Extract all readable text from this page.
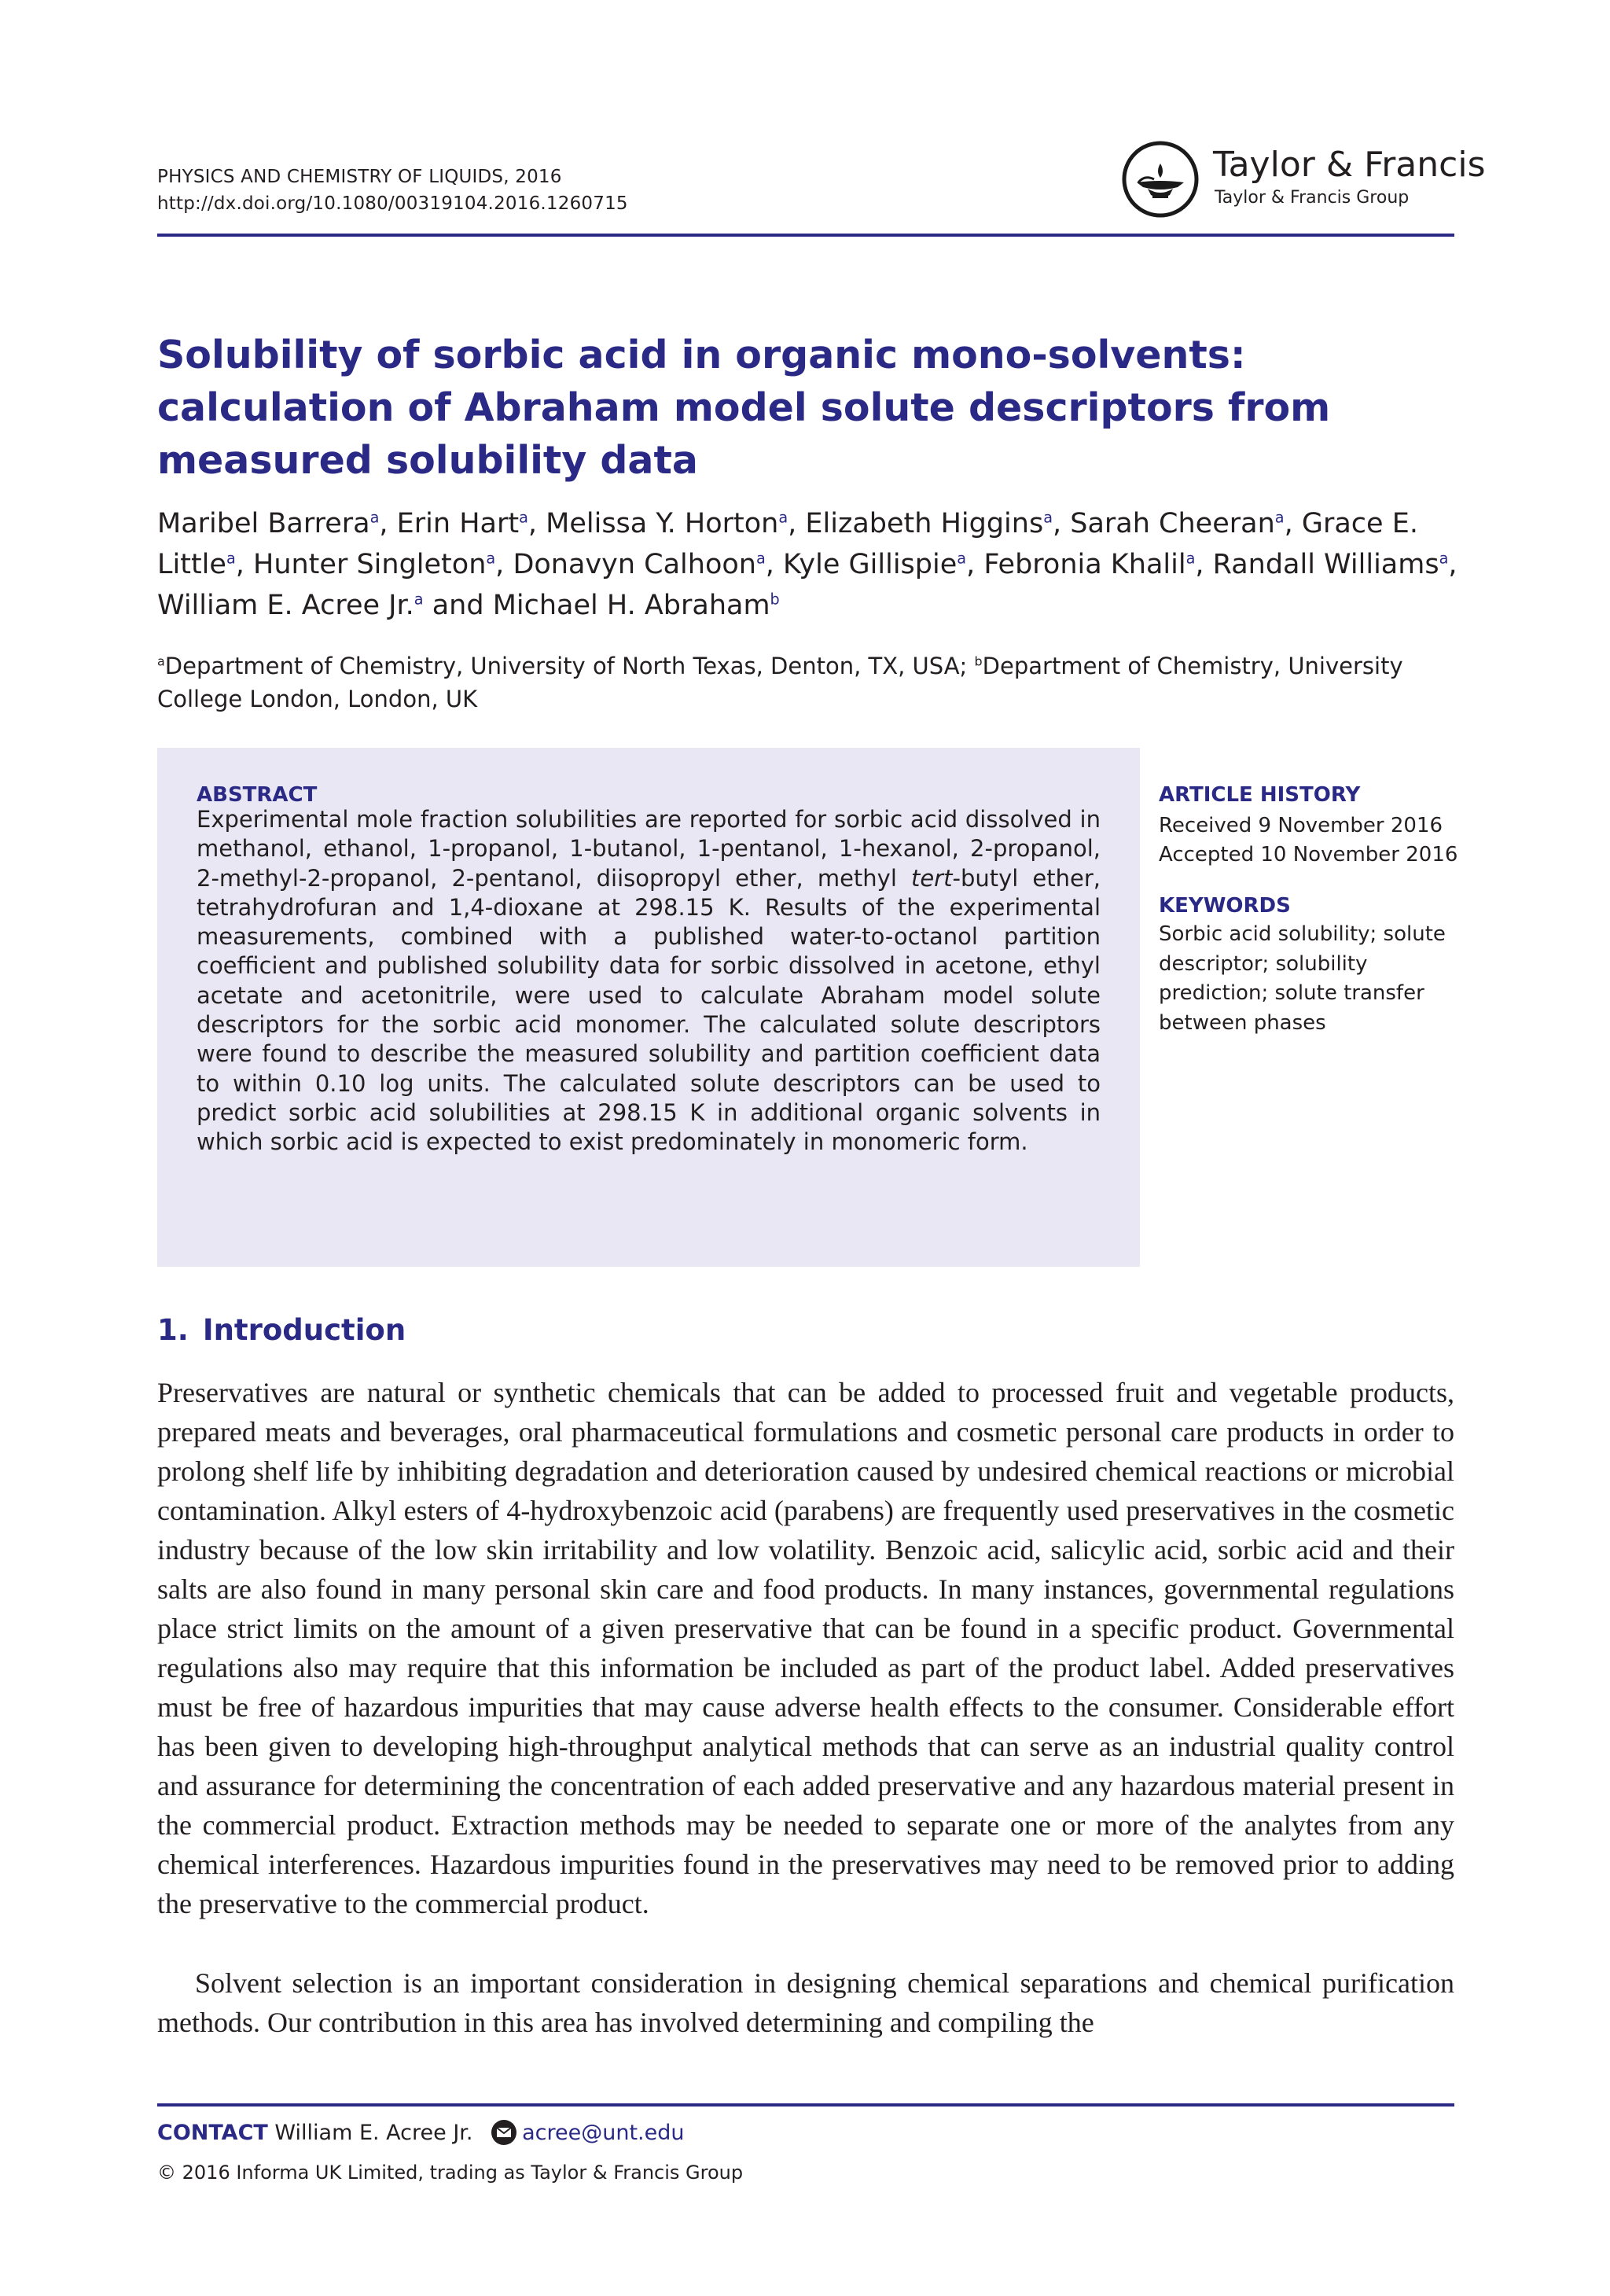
PHYSICS AND CHEMISTRY OF LIQUIDS, 2016
http://dx.doi.org/10.1080/00319104.2016.1260715
Taylor & Francis
Taylor & Francis Group
Solubility of sorbic acid in organic mono-solvents: calculation of Abraham model solute descriptors from measured solubility data
Maribel Barrera$^a$, Erin Hart$^a$, Melissa Y. Horton$^a$, Elizabeth Higgins$^a$, Sarah Cheeran$^a$, Grace E. Little$^a$, Hunter Singleton$^a$, Donavyn Calhoon$^a$, Kyle Gillispie$^a$, Febronia Khalil$^a$, Randall Williams$^a$, William E. Acree Jr.$^a$ and Michael H. Abraham$^b$
$^a$Department of Chemistry, University of North Texas, Denton, TX, USA; $^b$Department of Chemistry, University College London, London, UK
ABSTRACT

Experimental mole fraction solubilities are reported for sorbic acid dissolved in methanol, ethanol, 1-propanol, 1-butanol, 1-pentanol, 1-hexanol, 2-propanol, 2-methyl-2-propanol, 2-pentanol, diisopropyl ether, methyl tert-butyl ether, tetrahydrofuran and 1,4-dioxane at 298.15 K. Results of the experimental measurements, combined with a published water-to-octanol partition coefficient and published solubility data for sorbic dissolved in acetone, ethyl acetate and acetonitrile, were used to calculate Abraham model solute descriptors for the sorbic acid monomer. The calculated solute descriptors were found to describe the measured solubility and partition coefficient data to within 0.10 log units. The calculated solute descriptors can be used to predict sorbic acid solubilities at 298.15 K in additional organic solvents in which sorbic acid is expected to exist predominately in monomeric form.

ARTICLE HISTORY
Received 9 November 2016
Accepted 10 November 2016
KEYWORDS

Sorbic acid solubility; solute descriptor; solubility prediction; solute transfer between phases

1. Introduction

Preservatives are natural or synthetic chemicals that can be added to processed fruit and vegetable products, prepared meats and beverages, oral pharmaceutical formulations and cosmetic personal care products in order to prolong shelf life by inhibiting degradation and deterioration caused by undesired chemical reactions or microbial contamination. Alkyl esters of 4-hydroxybenzoic acid (parabens) are frequently used preservatives in the cosmetic industry because of the low skin irritability and low volatility. Benzoic acid, salicylic acid, sorbic acid and their salts are also found in many personal skin care and food products. In many instances, governmental regulations place strict limits on the amount of a given preservative that can be found in a specific product. Governmental regulations also may require that this information be included as part of the product label. Added preservatives must be free of hazardous impurities that may cause adverse health effects to the consumer. Considerable effort has been given to developing high-throughput analytical methods that can serve as an industrial quality control and assurance for determining the concentration of each added preservative and any hazardous material present in the commercial product. Extraction methods may be needed to separate one or more of the analytes from any chemical interferences. Hazardous impurities found in the preservatives may need to be removed prior to adding the preservative to the commercial product.

Solvent selection is an important consideration in designing chemical separations and chemical purification methods. Our contribution in this area has involved determining and compiling the

CONTACT William E. Acree Jr. acree@unt.edu
© 2016 Informa UK Limited, trading as Taylor & Francis Group
